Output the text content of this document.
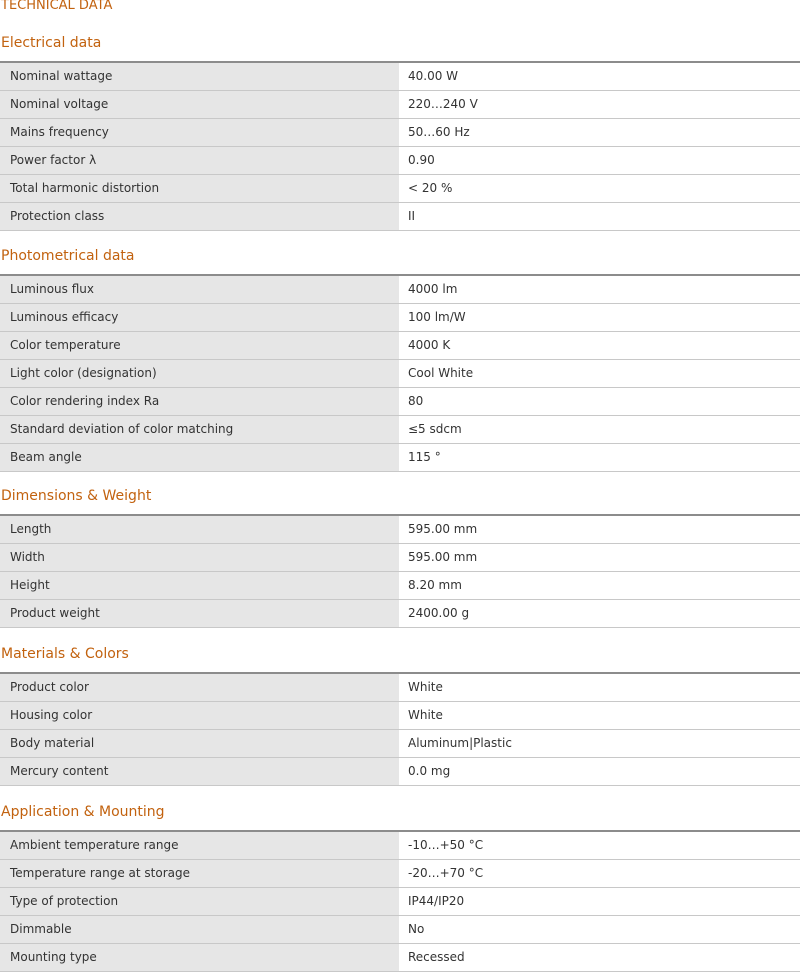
TECHNICAL DATA
Electrical data
Nominal wattage	40.00 W
Nominal voltage	220…240 V
Mains frequency	50…60 Hz
Power factor λ	0.90
Total harmonic distortion	< 20 %
Protection class	II
Photometrical data
Luminous flux	4000 lm
Luminous efficacy	100 lm/W
Color temperature	4000 K
Light color (designation)	Cool White
Color rendering index Ra	80
Standard deviation of color matching	≤5 sdcm
Beam angle	115 °
Dimensions & Weight
Length	595.00 mm
Width	595.00 mm
Height	8.20 mm
Product weight	2400.00 g
Materials & Colors
Product color	White
Housing color	White
Body material	Aluminum|Plastic
Mercury content	0.0 mg
Application & Mounting
Ambient temperature range	-10…+50 °C
Temperature range at storage	-20…+70 °C
Type of protection	IP44/IP20
Dimmable	No
Mounting type	Recessed
